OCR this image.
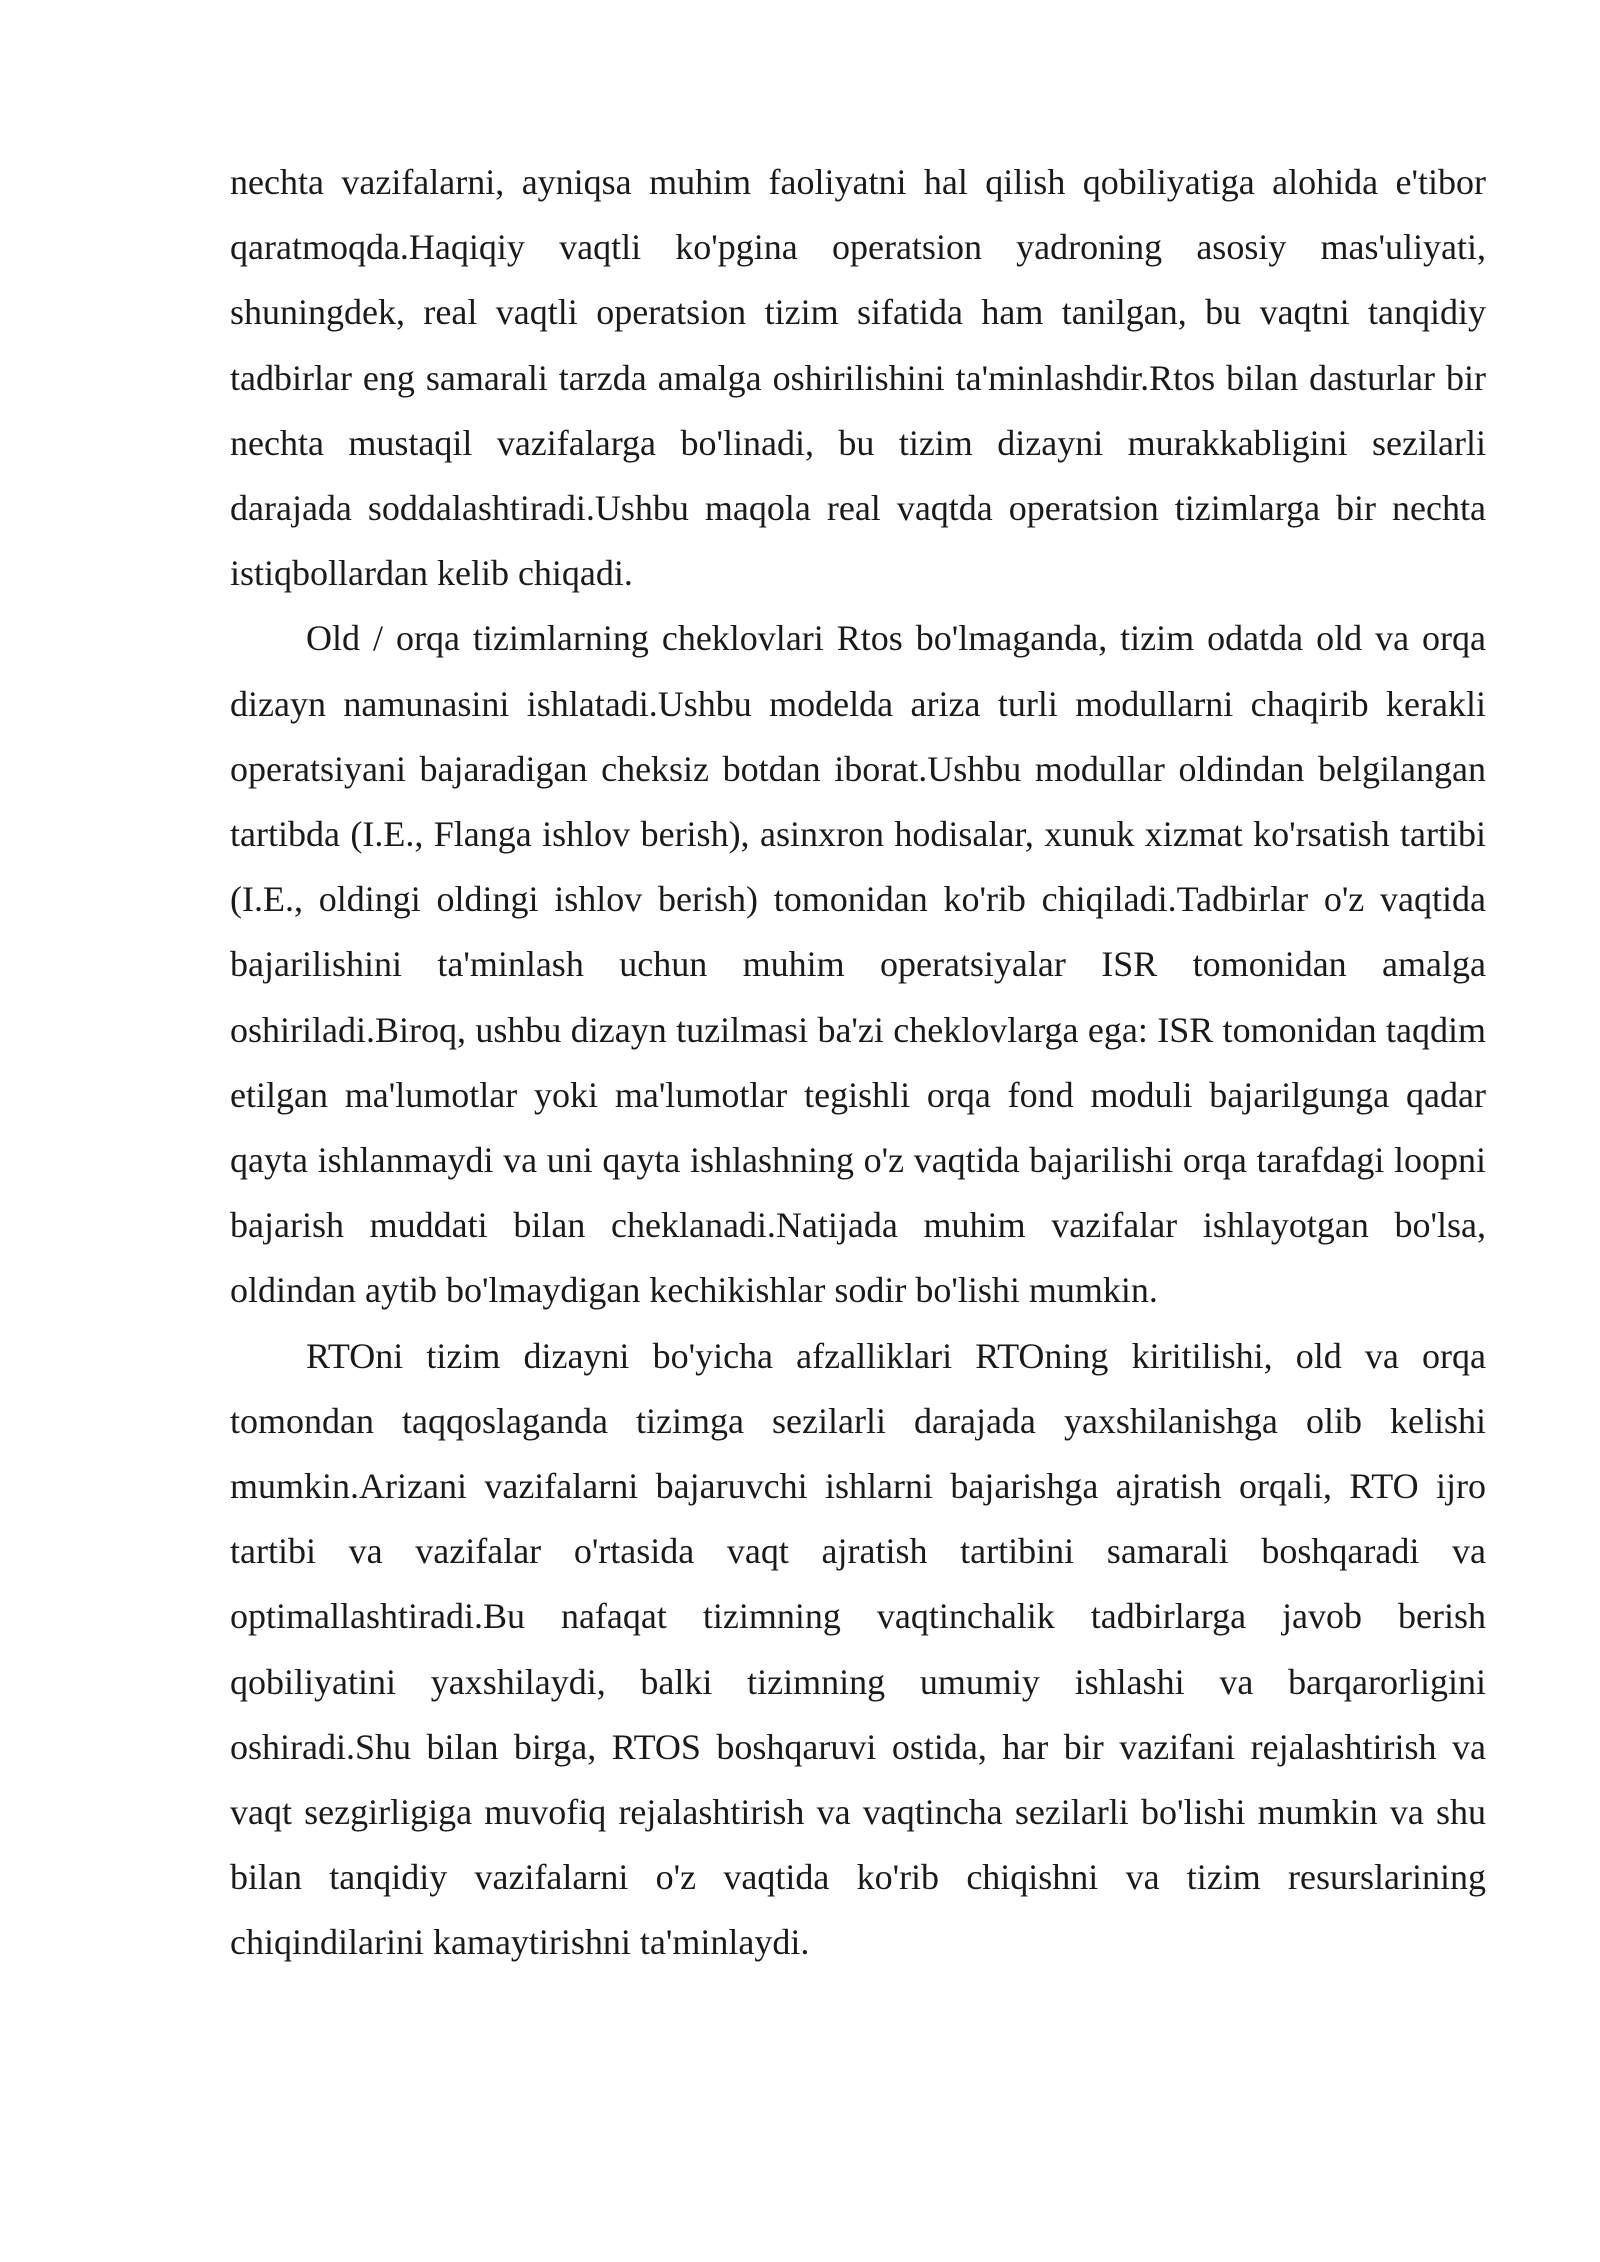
nechta vazifalarni, ayniqsa muhim faoliyatni hal qilish qobiliyatiga alohida e'tibor qaratmoqda.Haqiqiy vaqtli ko'pgina operatsion yadroning asosiy mas'uliyati, shuningdek, real vaqtli operatsion tizim sifatida ham tanilgan, bu vaqtni tanqidiy tadbirlar eng samarali tarzda amalga oshirilishini ta'minlashdir.Rtos bilan dasturlar bir nechta mustaqil vazifalarga bo'linadi, bu tizim dizayni murakkabligini sezilarli darajada soddalashtiradi.Ushbu maqola real vaqtda operatsion tizimlarga bir nechta istiqbollardan kelib chiqadi.

Old / orqa tizimlarning cheklovlari Rtos bo'lmaganda, tizim odatda old va orqa dizayn namunasini ishlatadi.Ushbu modelda ariza turli modullarni chaqirib kerakli operatsiyani bajaradigan cheksiz botdan iborat.Ushbu modullar oldindan belgilangan tartibda (I.E., Flanga ishlov berish), asinxron hodisalar, xunuk xizmat ko'rsatish tartibi (I.E., oldingi oldingi ishlov berish) tomonidan ko'rib chiqiladi.Tadbirlar o'z vaqtida bajarilishini ta'minlash uchun muhim operatsiyalar ISR tomonidan amalga oshiriladi.Biroq, ushbu dizayn tuzilmasi ba'zi cheklovlarga ega: ISR tomonidan taqdim etilgan ma'lumotlar yoki ma'lumotlar tegishli orqa fond moduli bajarilgunga qadar qayta ishlanmaydi va uni qayta ishlashning o'z vaqtida bajarilishi orqa tarafdagi loopni bajarish muddati bilan cheklanadi.Natijada muhim vazifalar ishlayotgan bo'lsa, oldindan aytib bo'lmaydigan kechikishlar sodir bo'lishi mumkin.

RTOni tizim dizayni bo'yicha afzalliklari RTOning kiritilishi, old va orqa tomondan taqqoslaganda tizimga sezilarli darajada yaxshilanishga olib kelishi mumkin.Arizani vazifalarni bajaruvchi ishlarni bajarishga ajratish orqali, RTO ijro tartibi va vazifalar o'rtasida vaqt ajratish tartibini samarali boshqaradi va optimallashtiradi.Bu nafaqat tizimning vaqtinchalik tadbirlarga javob berish qobiliyatini yaxshilaydi, balki tizimning umumiy ishlashi va barqarorligini oshiradi.Shu bilan birga, RTOS boshqaruvi ostida, har bir vazifani rejalashtirish va vaqt sezgirligiga muvofiq rejalashtirish va vaqtincha sezilarli bo'lishi mumkin va shu bilan tanqidiy vazifalarni o'z vaqtida ko'rib chiqishni va tizim resurslarining chiqindilarini kamaytirishni ta'minlaydi.
